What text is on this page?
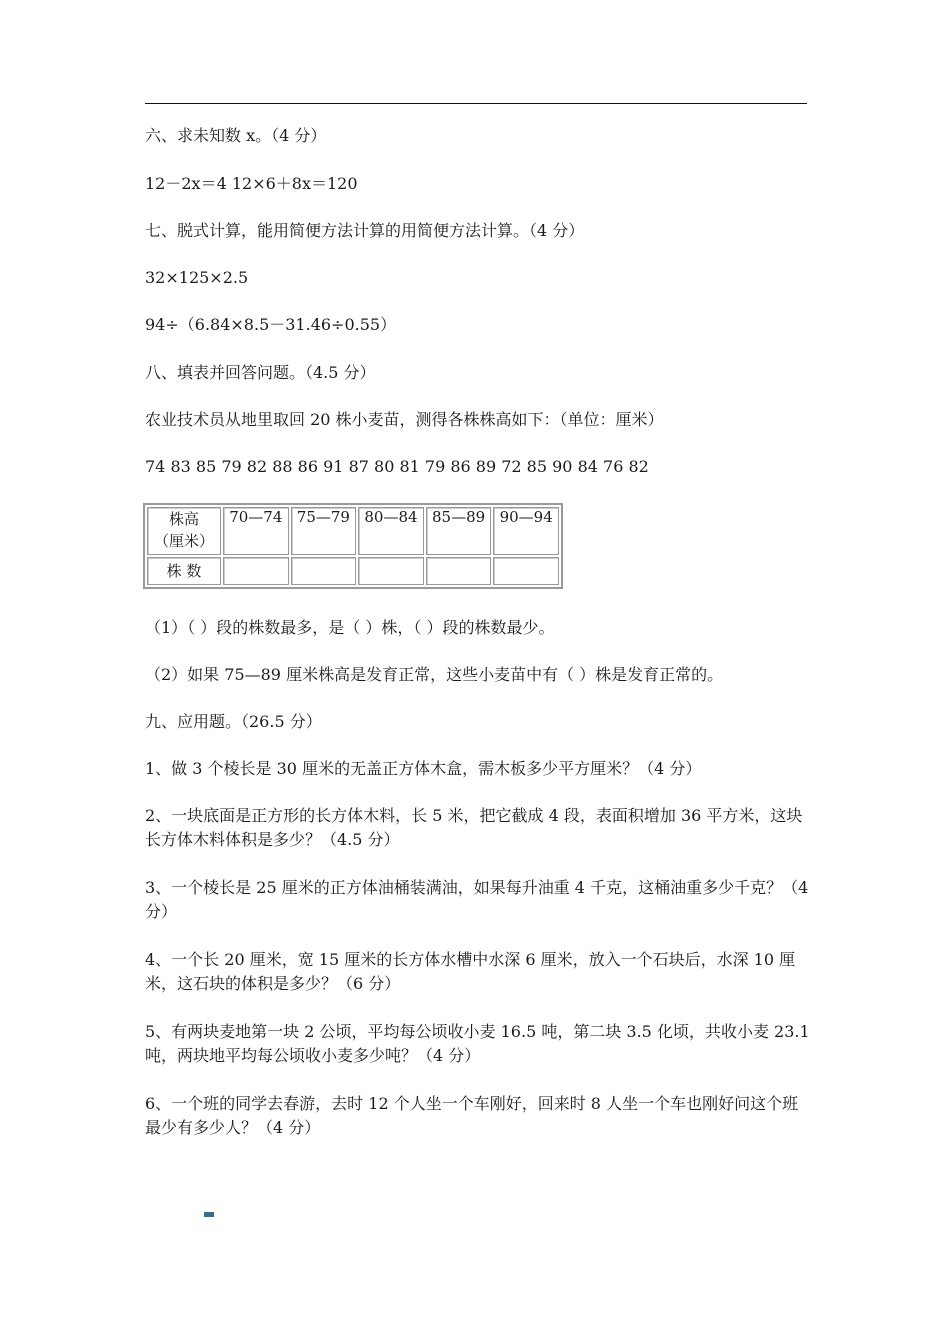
六、求未知数 x。（4 分）
12－2x＝4 12×6＋8x＝120
七、脱式计算，能用简便方法计算的用简便方法计算。（4 分）
32×125×2.5
94÷（6.84×8.5－31.46÷0.55）
八、填表并回答问题。（4.5 分）
农业技术员从地里取回 20 株小麦苗，测得各株株高如下：（单位：厘米）
74 83 85 79 82 88 86 91 87 80 81 79 86 89 72 85 90 84 76 82
株高
（厘米）	70—74	75—79	80—84	85—89	90—94
株 数					
（1）（ ）段的株数最多，是（ ）株，（ ）段的株数最少。
（2）如果 75—89 厘米株高是发育正常，这些小麦苗中有（ ）株是发育正常的。
九、应用题。（26.5 分）
1、做 3 个棱长是 30 厘米的无盖正方体木盒，需木板多少平方厘米？（4 分）
2、一块底面是正方形的长方体木料，长 5 米，把它截成 4 段，表面积增加 36 平方米，这块长方体木料体积是多少？（4.5 分）
3、一个棱长是 25 厘米的正方体油桶装满油，如果每升油重 4 千克，这桶油重多少千克？（4 分）
4、一个长 20 厘米，宽 15 厘米的长方体水槽中水深 6 厘米，放入一个石块后，水深 10 厘米，这石块的体积是多少？（6 分）
5、有两块麦地第一块 2 公顷，平均每公顷收小麦 16.5 吨，第二块 3.5 化顷，共收小麦 23.1 吨，两块地平均每公顷收小麦多少吨？（4 分）
6、一个班的同学去春游，去时 12 个人坐一个车刚好，回来时 8 人坐一个车也刚好问这个班最少有多少人？（4 分）
